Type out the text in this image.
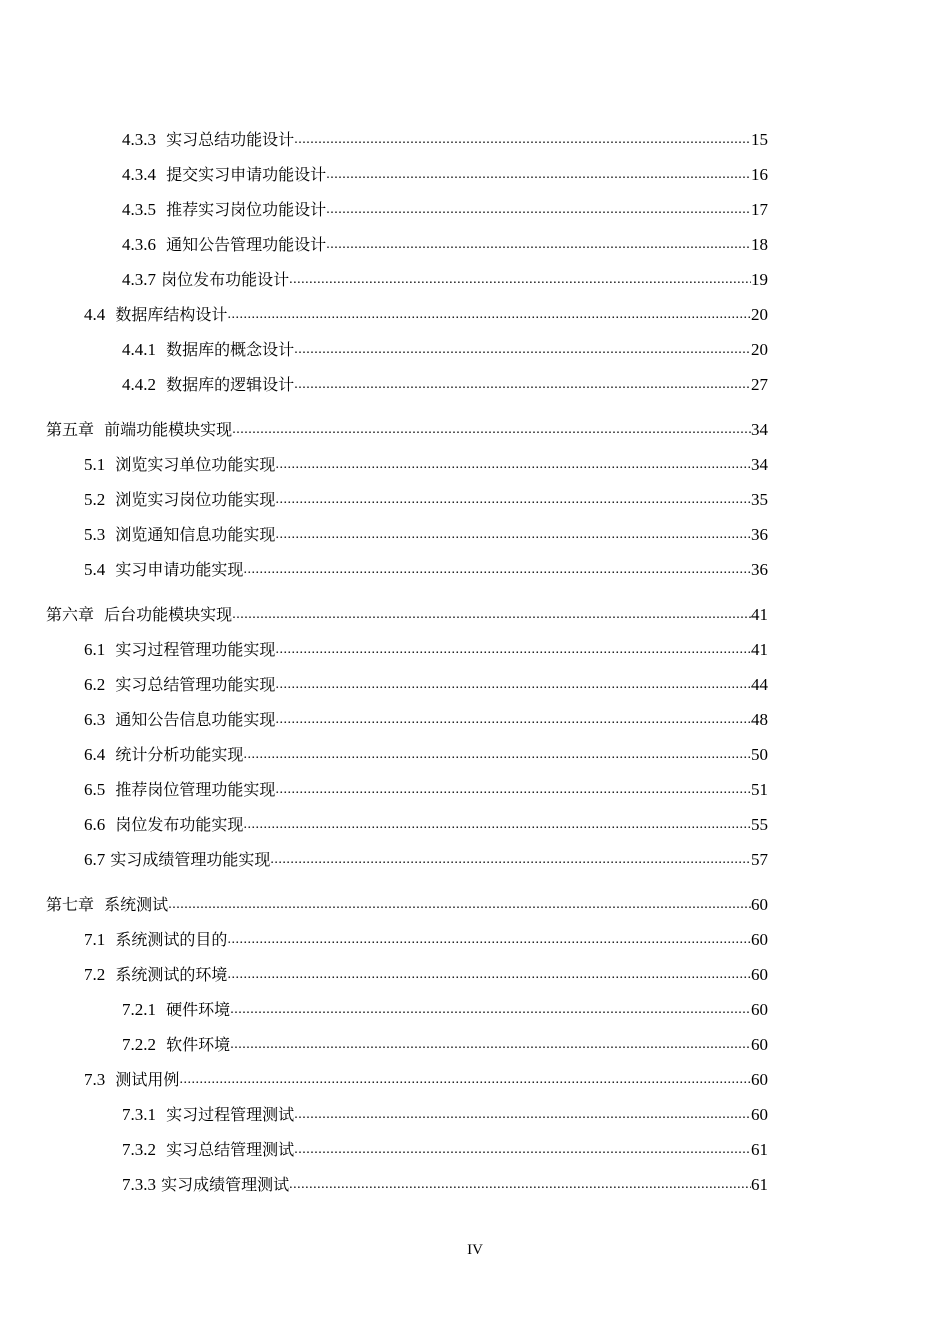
4.3.3 实习总结功能设计 .....	15
4.3.4 提交实习申请功能设计 .....	16
4.3.5 推荐实习岗位功能设计 .....	17
4.3.6 通知公告管理功能设计 .....	18
4.3.7 岗位发布功能设计 .....	19
4.4 数据库结构设计 .....	20
4.4.1 数据库的概念设计 .....	20
4.4.2 数据库的逻辑设计 .....	27
第五章  前端功能模块实现 .....	34
5.1 浏览实习单位功能实现 .....	34
5.2 浏览实习岗位功能实现 .....	35
5.3 浏览通知信息功能实现 .....	36
5.4 实习申请功能实现 .....	36
第六章  后台功能模块实现 .....	41
6.1 实习过程管理功能实现 .....	41
6.2 实习总结管理功能实现 .....	44
6.3 通知公告信息功能实现 .....	48
6.4 统计分析功能实现 .....	50
6.5 推荐岗位管理功能实现 .....	51
6.6 岗位发布功能实现 .....	55
6.7 实习成绩管理功能实现 .....	57
第七章  系统测试 .....	60
7.1 系统测试的目的 .....	60
7.2 系统测试的环境 .....	60
7.2.1 硬件环境 .....	60
7.2.2 软件环境 .....	60
7.3 测试用例 .....	60
7.3.1 实习过程管理测试 .....	60
7.3.2 实习总结管理测试 .....	61
7.3.3 实习成绩管理测试 .....	61
IV
